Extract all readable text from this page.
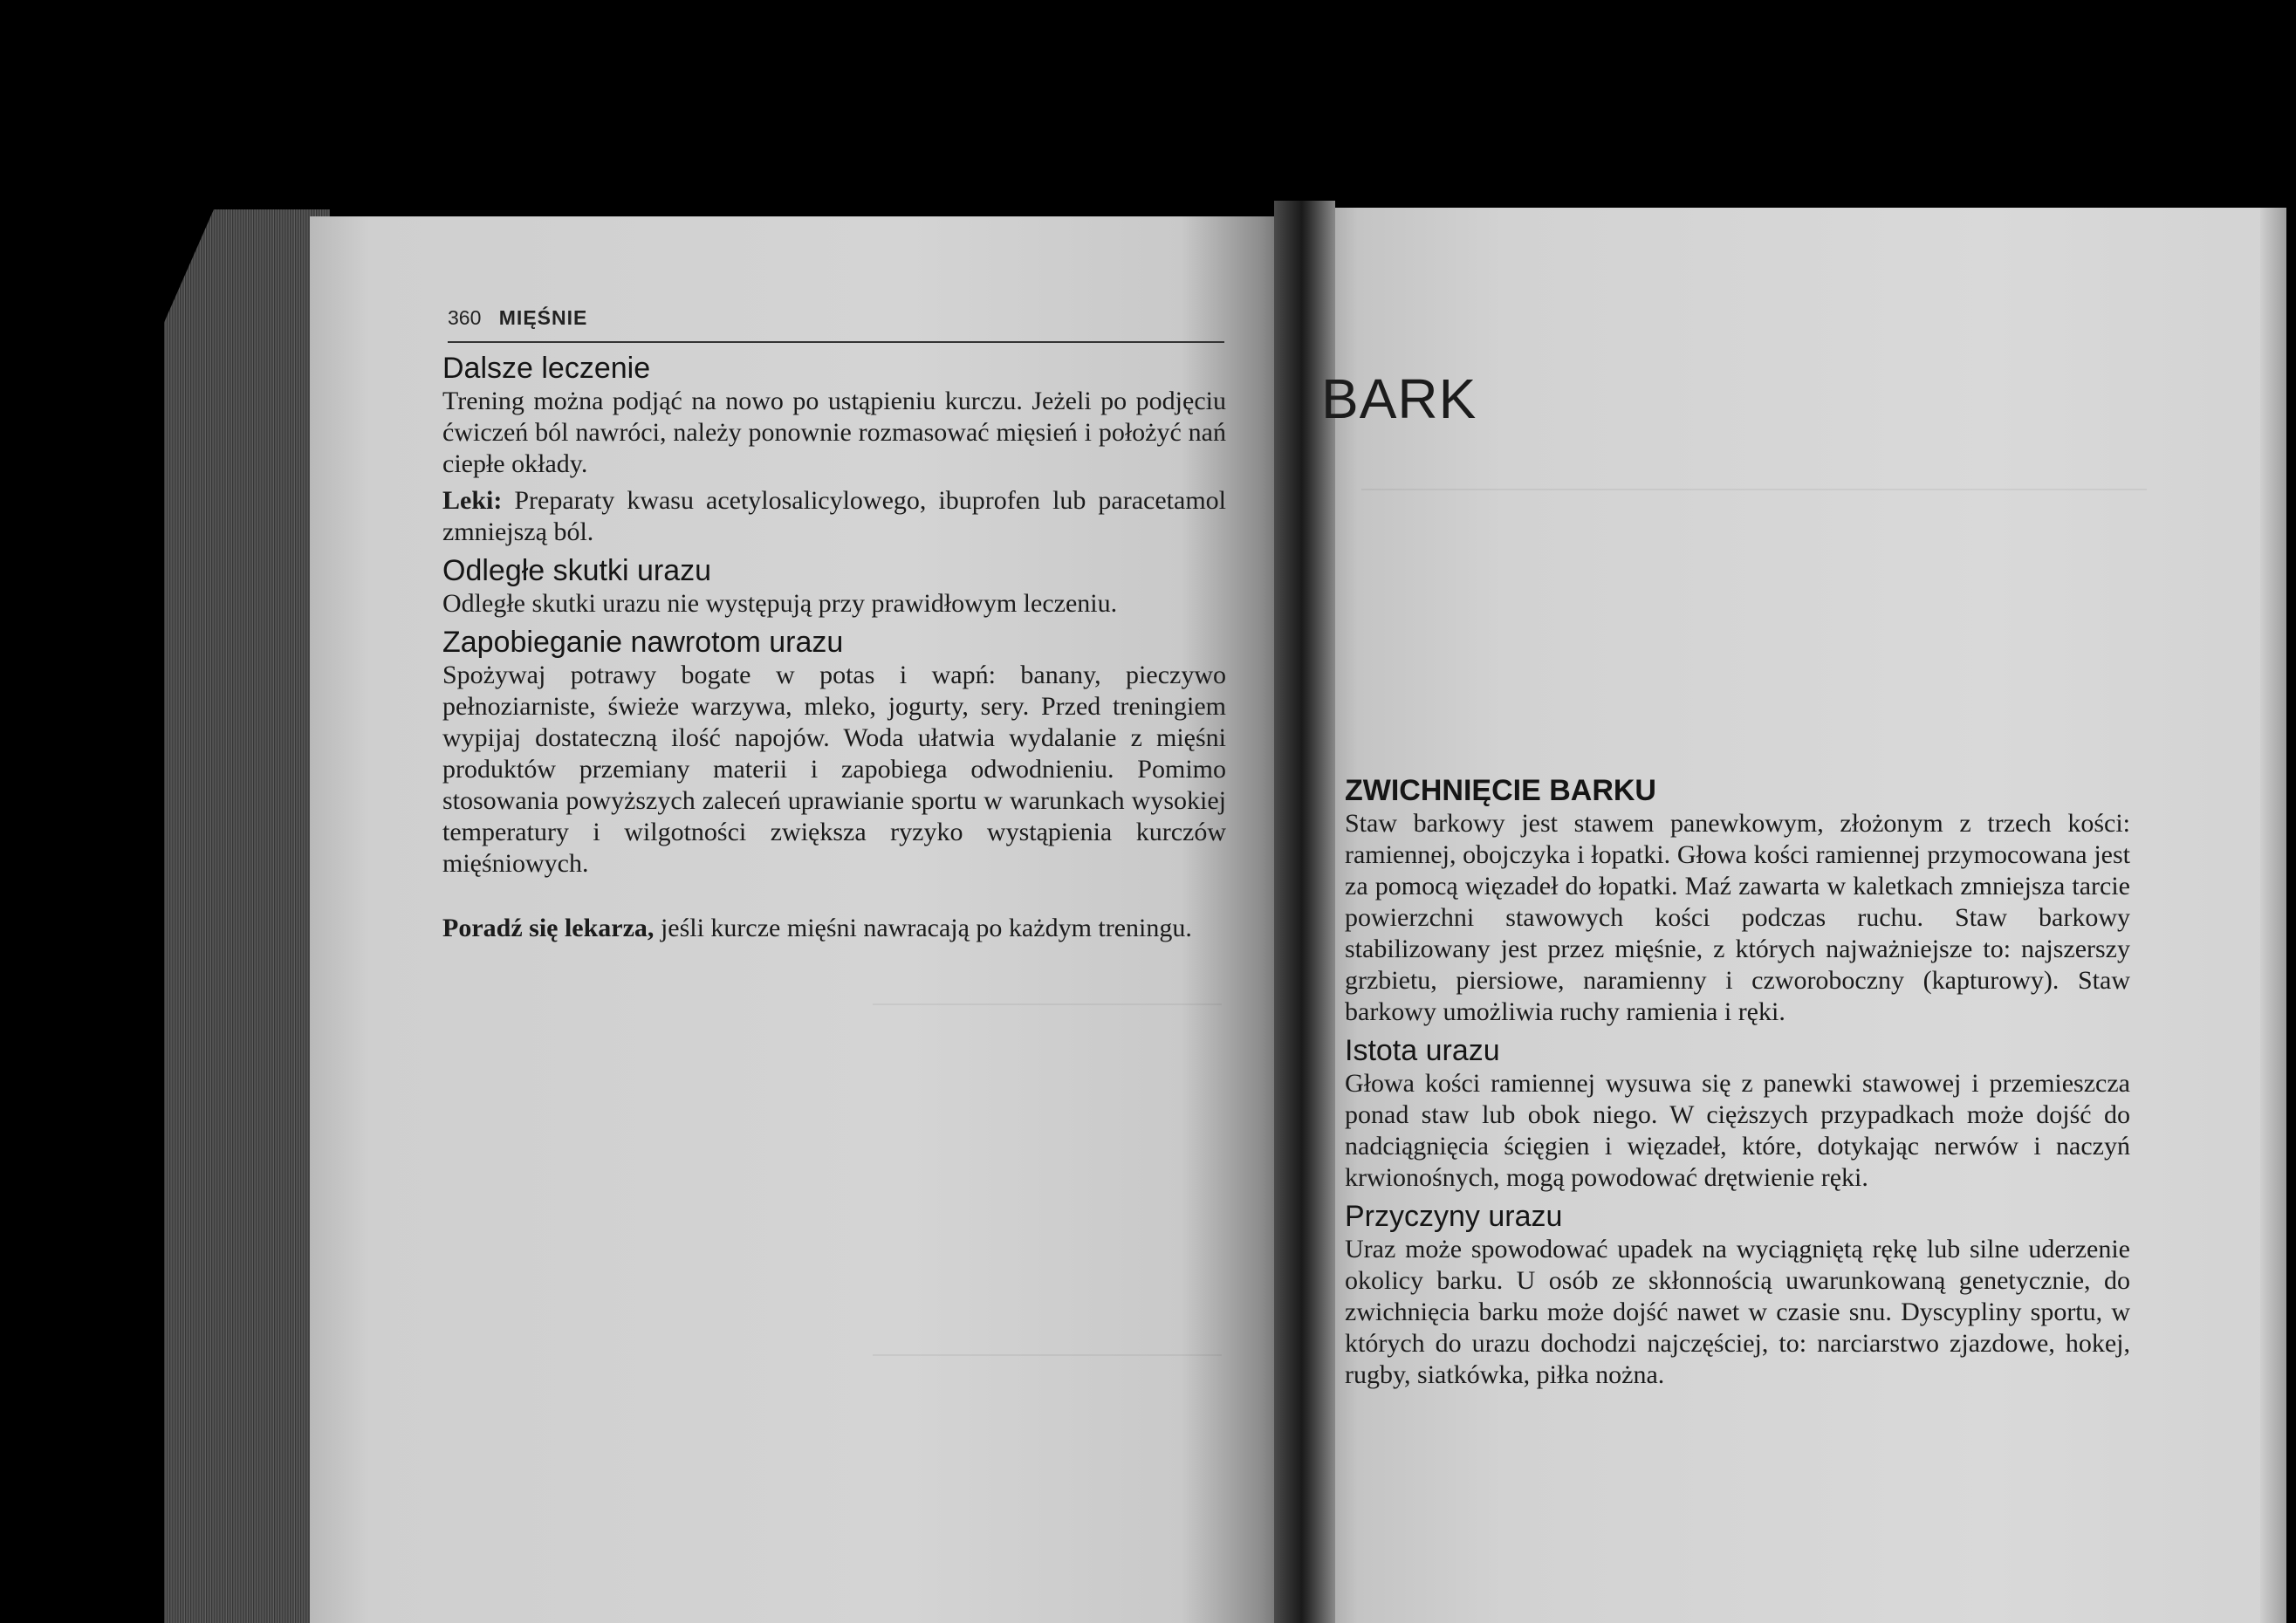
360 MIĘŚNIE
Dalsze leczenie

Trening można podjąć na nowo po ustąpieniu kurczu. Jeżeli po podjęciu ćwiczeń ból nawróci, należy ponownie rozmasować mięsień i położyć nań ciepłe okłady.

Leki: Preparaty kwasu acetylosalicylowego, ibuprofen lub paracetamol zmniejszą ból.

Odległe skutki urazu

Odległe skutki urazu nie występują przy prawidłowym leczeniu.

Zapobieganie nawrotom urazu

Spożywaj potrawy bogate w potas i wapń: banany, pieczywo pełnoziarniste, świeże warzywa, mleko, jogurty, sery. Przed treningiem wypijaj dostateczną ilość napojów. Woda ułatwia wydalanie z mięśni produktów przemiany materii i zapobiega odwodnieniu. Pomimo stosowania powyższych zaleceń uprawianie sportu w warunkach wysokiej temperatury i wilgotności zwiększa ryzyko wystąpienia kurczów mięśniowych.

Poradź się lekarza, jeśli kurcze mięśni nawracają po każdym treningu.

BARK
ZWICHNIĘCIE BARKU

Staw barkowy jest stawem panewkowym, złożonym z trzech kości: ramiennej, obojczyka i łopatki. Głowa kości ramiennej przymocowana jest za pomocą więzadeł do łopatki. Maź zawarta w kaletkach zmniejsza tarcie powierzchni stawowych kości podczas ruchu. Staw barkowy stabilizowany jest przez mięśnie, z których najważniejsze to: najszerszy grzbietu, piersiowe, naramienny i czworoboczny (kapturowy). Staw barkowy umożliwia ruchy ramienia i ręki.

Istota urazu

Głowa kości ramiennej wysuwa się z panewki stawowej i przemieszcza ponad staw lub obok niego. W cięższych przypadkach może dojść do nadciągnięcia ścięgien i więzadeł, które, dotykając nerwów i naczyń krwionośnych, mogą powodować drętwienie ręki.

Przyczyny urazu

Uraz może spowodować upadek na wyciągniętą rękę lub silne uderzenie okolicy barku. U osób ze skłonnością uwarunkowaną genetycznie, do zwichnięcia barku może dojść nawet w czasie snu. Dyscypliny sportu, w których do urazu dochodzi najczęściej, to: narciarstwo zjazdowe, hokej, rugby, siatkówka, piłka nożna.
